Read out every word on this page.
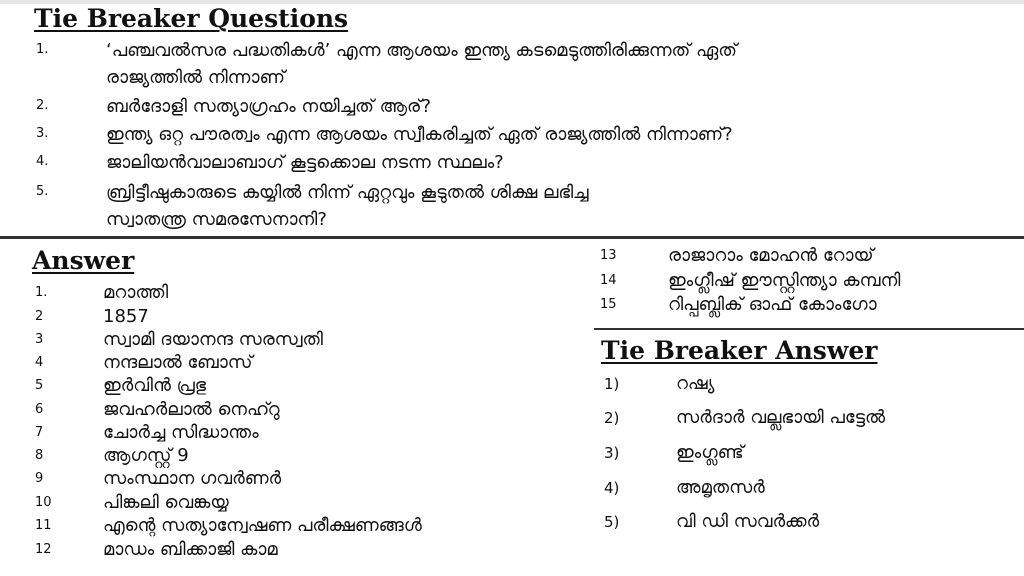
Tie Breaker Questions
1.	‘പഞ്ചവൽസര പദ്ധതികൾ’ എന്ന ആശയം ഇന്ത്യ കടമെടുത്തിരിക്കുന്നത് ഏത്
രാജ്യത്തിൽ നിന്നാണ്
2.	ബർദോളി സത്യാഗ്രഹം നയിച്ചത് ആര്?
3.	ഇന്ത്യ ഒറ്റ പൗരത്വം എന്ന ആശയം സ്വീകരിച്ചത് ഏത് രാജ്യത്തിൽ നിന്നാണ്?
4.	ജാലിയൻവാലാബാഗ് കൂട്ടക്കൊല നടന്ന സ്ഥലം?
5.	ബ്രിട്ടീഷുകാരുടെ കയ്യിൽ നിന്ന് ഏറ്റവും കൂടുതൽ ശിക്ഷ ലഭിച്ച
സ്വാതന്ത്ര സമരസേനാനി?
Answer
1.	മറാത്തി
2	1857
3	സ്വാമി ദയാനന്ദ സരസ്വതി
4	നന്ദലാൽ ബോസ്
5	ഇർവിൻ പ്രഭു
6	ജവഹർലാൽ നെഹ്റു
7	ചോർച്ച സിദ്ധാന്തം
8	ആഗസ്റ്റ് 9
9	സംസ്ഥാന ഗവർണർ
10	പിങ്കലി വെങ്കയ്യ
11	എന്റെ സത്യാന്വേഷണ പരീക്ഷണങ്ങൾ
12	മാഡം ബിക്കാജി കാമ
13	രാജാറാം മോഹൻ റോയ്
14	ഇംഗ്ലീഷ് ഈസ്റ്റിന്ത്യാ കമ്പനി
15	റിപ്പബ്ലിക് ഓഫ് കോംഗോ
Tie Breaker Answer
1)	റഷ്യ
2)	സർദാർ വല്ലഭായി പട്ടേൽ
3)	ഇംഗ്ലണ്ട്
4)	അമൃതസർ
5)	വി ഡി സവർക്കർ
